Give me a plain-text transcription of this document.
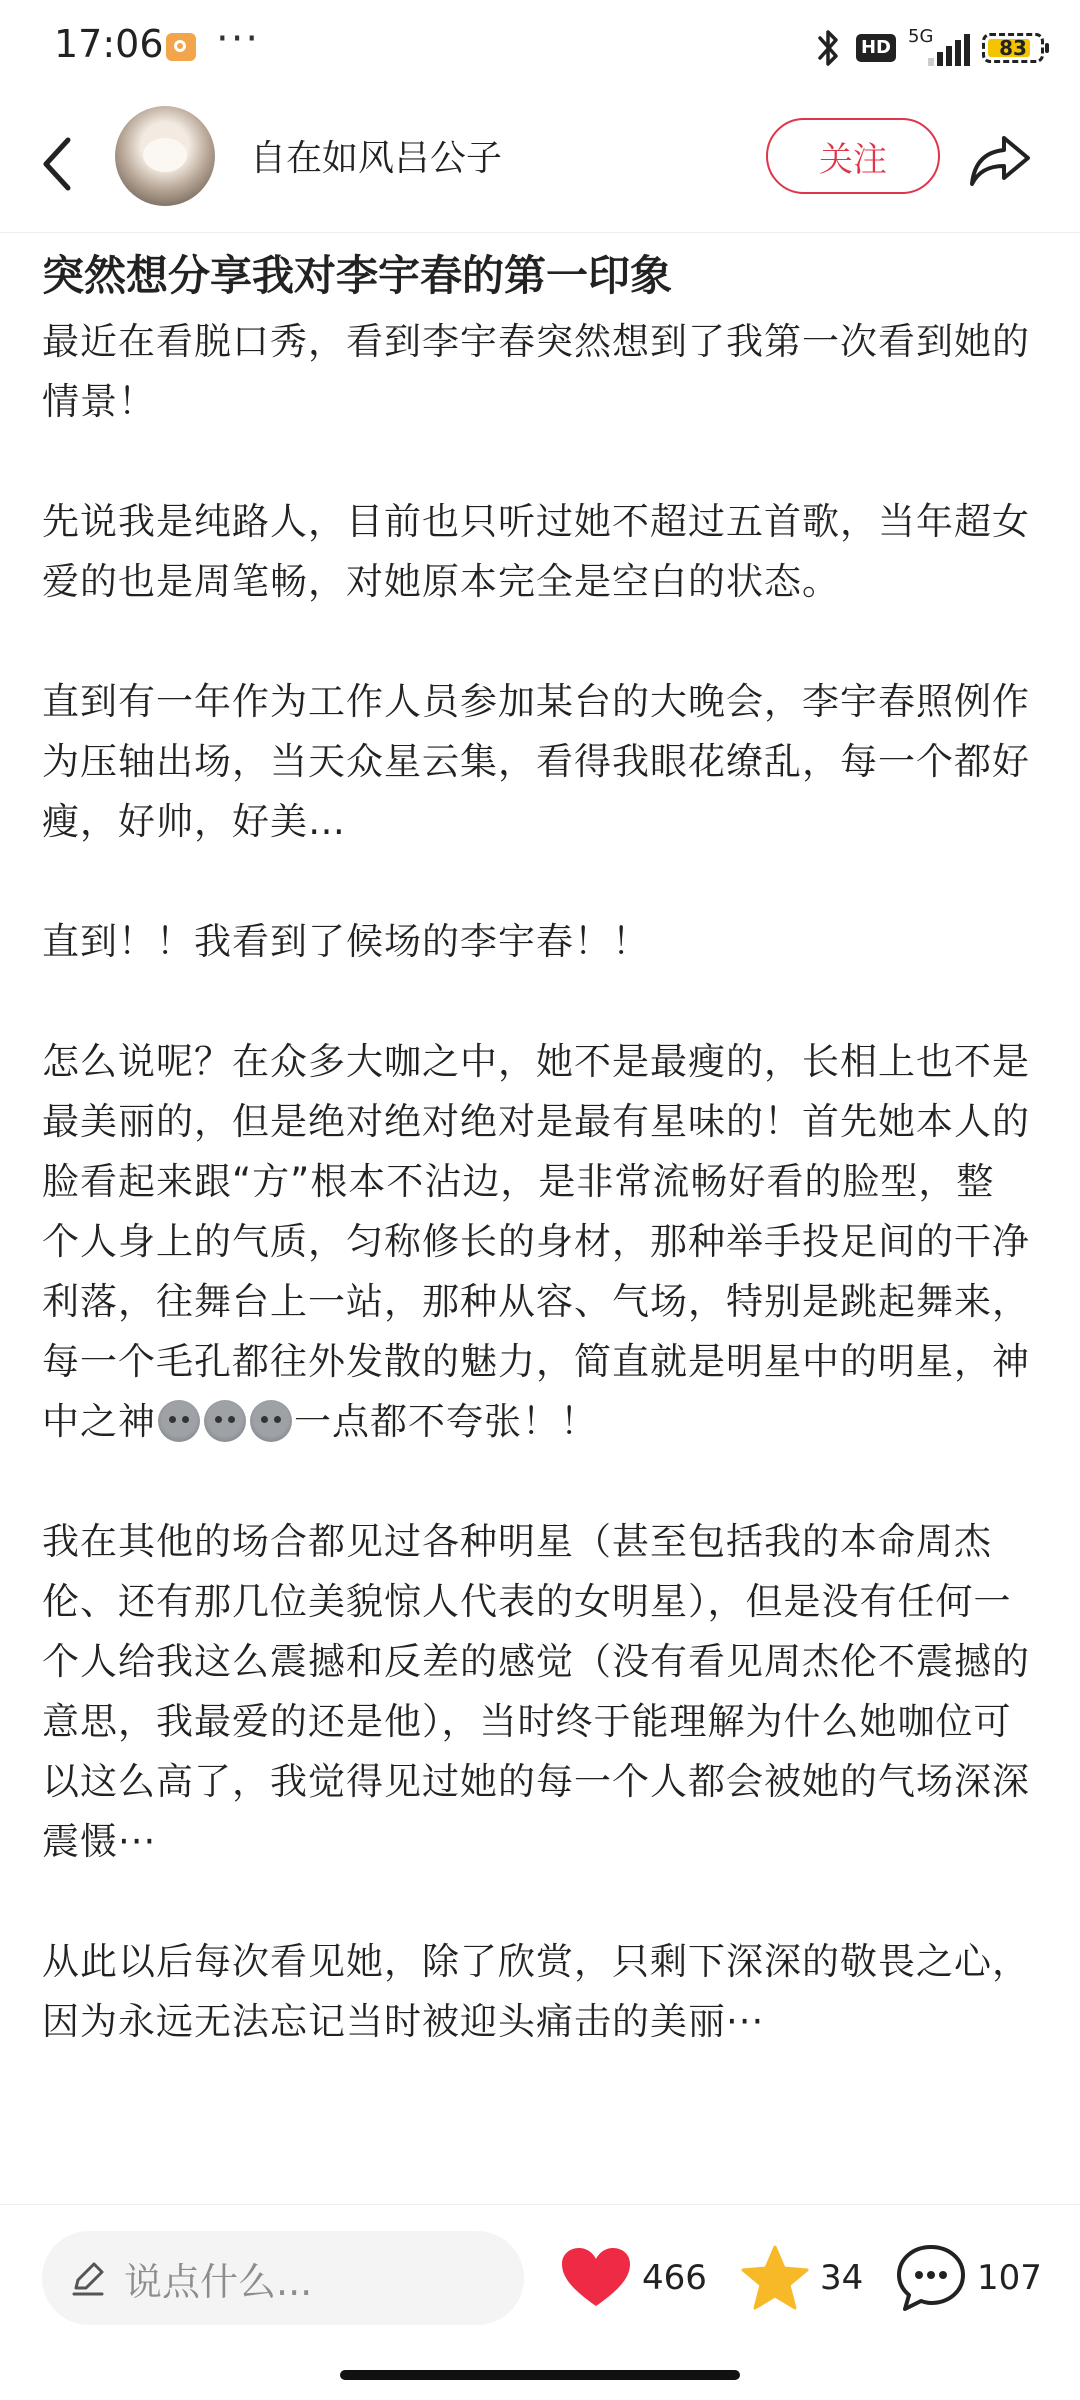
17:06 ···	HD
5G	83
自在如风吕公子	关注
突然想分享我对李宇春的第一印象

最近在看脱口秀，看到李宇春突然想到了我第一次看到她的情景！

先说我是纯路人，目前也只听过她不超过五首歌，当年超女爱的也是周笔畅，对她原本完全是空白的状态。

直到有一年作为工作人员参加某台的大晚会，李宇春照例作为压轴出场，当天众星云集，看得我眼花缭乱，每一个都好瘦，好帅，好美…

直到！！我看到了候场的李宇春！！

怎么说呢？在众多大咖之中，她不是最瘦的，长相上也不是最美丽的，但是绝对绝对绝对是最有星味的！首先她本人的脸看起来跟“方”根本不沾边，是非常流畅好看的脸型，整个人身上的气质，匀称修长的身材，那种举手投足间的干净利落，往舞台上一站，那种从容、气场，特别是跳起舞来，每一个毛孔都往外发散的魅力，简直就是明星中的明星，神中之神	一点都不夸张！！

我在其他的场合都见过各种明星（甚至包括我的本命周杰伦、还有那几位美貌惊人代表的女明星），但是没有任何一个人给我这么震撼和反差的感觉（没有看见周杰伦不震撼的意思，我最爱的还是他），当时终于能理解为什么她咖位可以这么高了，我觉得见过她的每一个人都会被她的气场深深震慑···

从此以后每次看见她，除了欣赏，只剩下深深的敬畏之心，因为永远无法忘记当时被迎头痛击的美丽···

说点什么...	466	34	107
